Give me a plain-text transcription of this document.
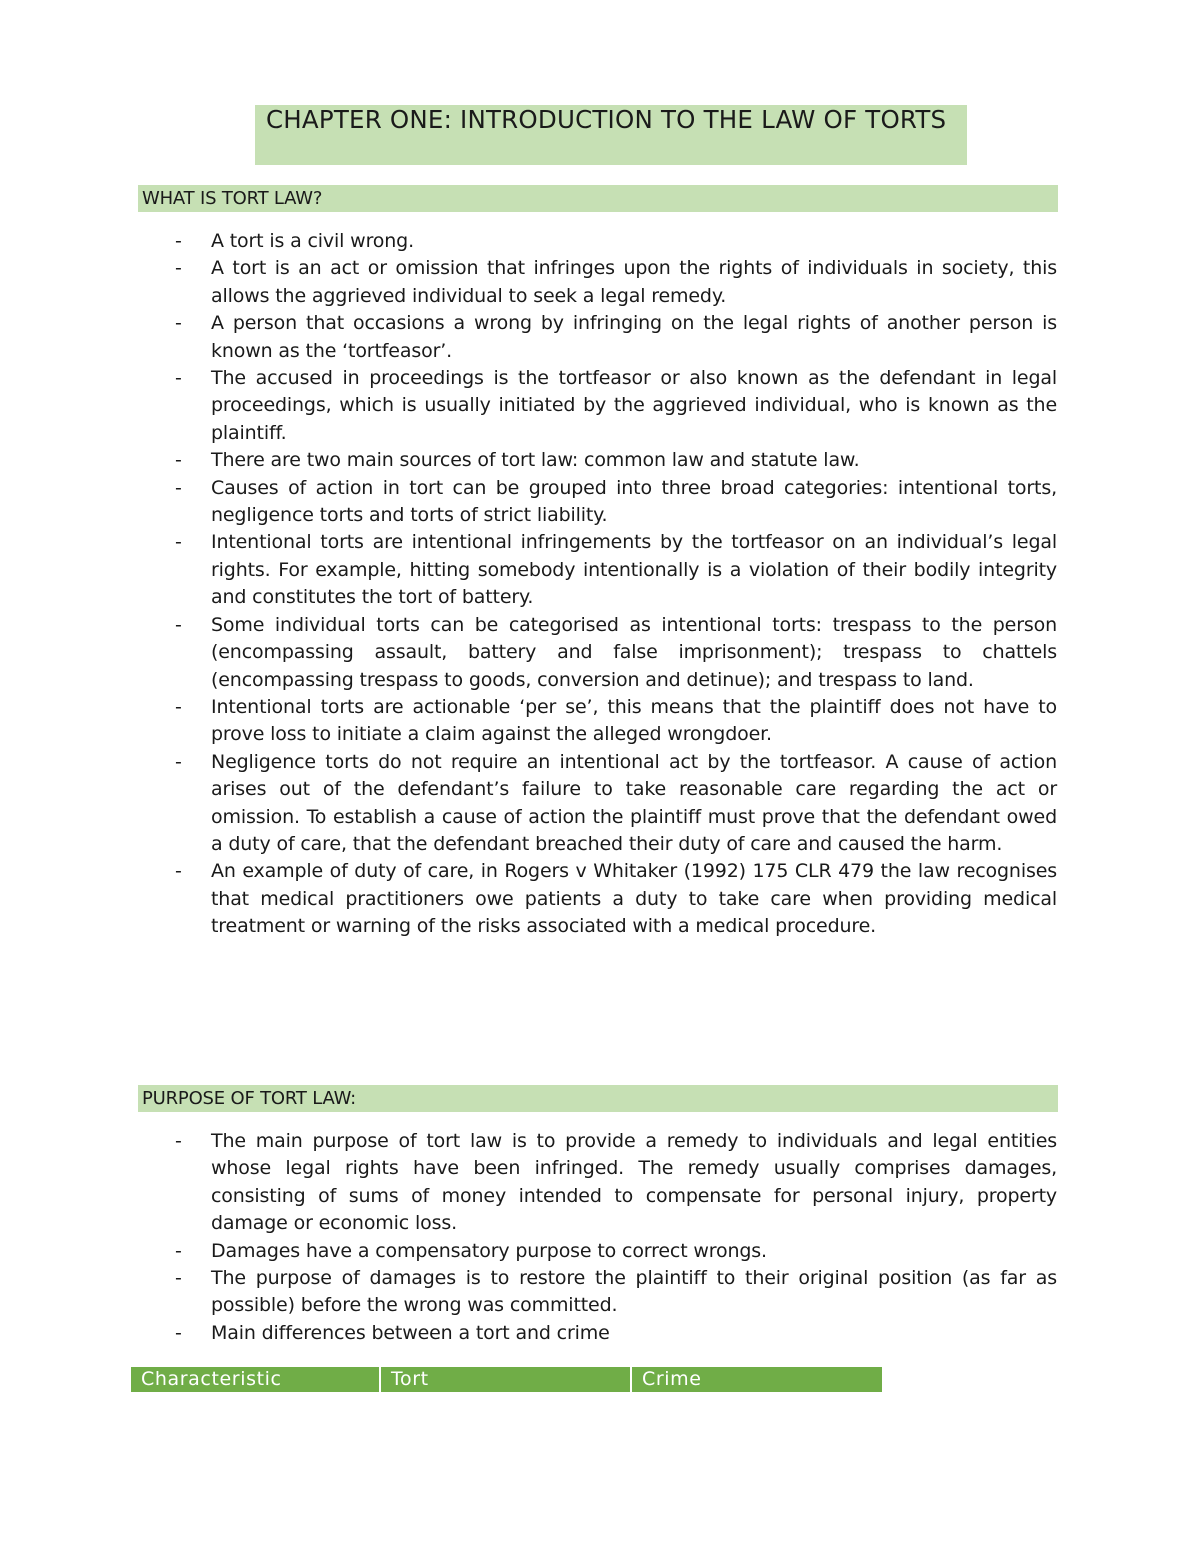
CHAPTER ONE: INTRODUCTION TO THE LAW OF TORTS
WHAT IS TORT LAW?
- A tort is a civil wrong.
- A tort is an act or omission that infringes upon the rights of individuals in society, this allows the aggrieved individual to seek a legal remedy.
- A person that occasions a wrong by infringing on the legal rights of another person is known as the ‘tortfeasor’.
- The accused in proceedings is the tortfeasor or also known as the defendant in legal proceedings, which is usually initiated by the aggrieved individual, who is known as the plaintiff.
- There are two main sources of tort law: common law and statute law.
- Causes of action in tort can be grouped into three broad categories: intentional torts, negligence torts and torts of strict liability.
- Intentional torts are intentional infringements by the tortfeasor on an individual’s legal rights. For example, hitting somebody intentionally is a violation of their bodily integrity and constitutes the tort of battery.
- Some individual torts can be categorised as intentional torts: trespass to the person (encompassing assault, battery and false imprisonment); trespass to chattels (encompassing trespass to goods, conversion and detinue); and trespass to land.
- Intentional torts are actionable ‘per se’, this means that the plaintiff does not have to prove loss to initiate a claim against the alleged wrongdoer.
- Negligence torts do not require an intentional act by the tortfeasor. A cause of action arises out of the defendant’s failure to take reasonable care regarding the act or omission. To establish a cause of action the plaintiff must prove that the defendant owed a duty of care, that the defendant breached their duty of care and caused the harm.
- An example of duty of care, in Rogers v Whitaker (1992) 175 CLR 479 the law recognises that medical practitioners owe patients a duty to take care when providing medical treatment or warning of the risks associated with a medical procedure.
PURPOSE OF TORT LAW:
- The main purpose of tort law is to provide a remedy to individuals and legal entities whose legal rights have been infringed. The remedy usually comprises damages, consisting of sums of money intended to compensate for personal injury, property damage or economic loss.
- Damages have a compensatory purpose to correct wrongs.
- The purpose of damages is to restore the plaintiff to their original position (as far as possible) before the wrong was committed.
- Main differences between a tort and crime
Characteristic	Tort	Crime
